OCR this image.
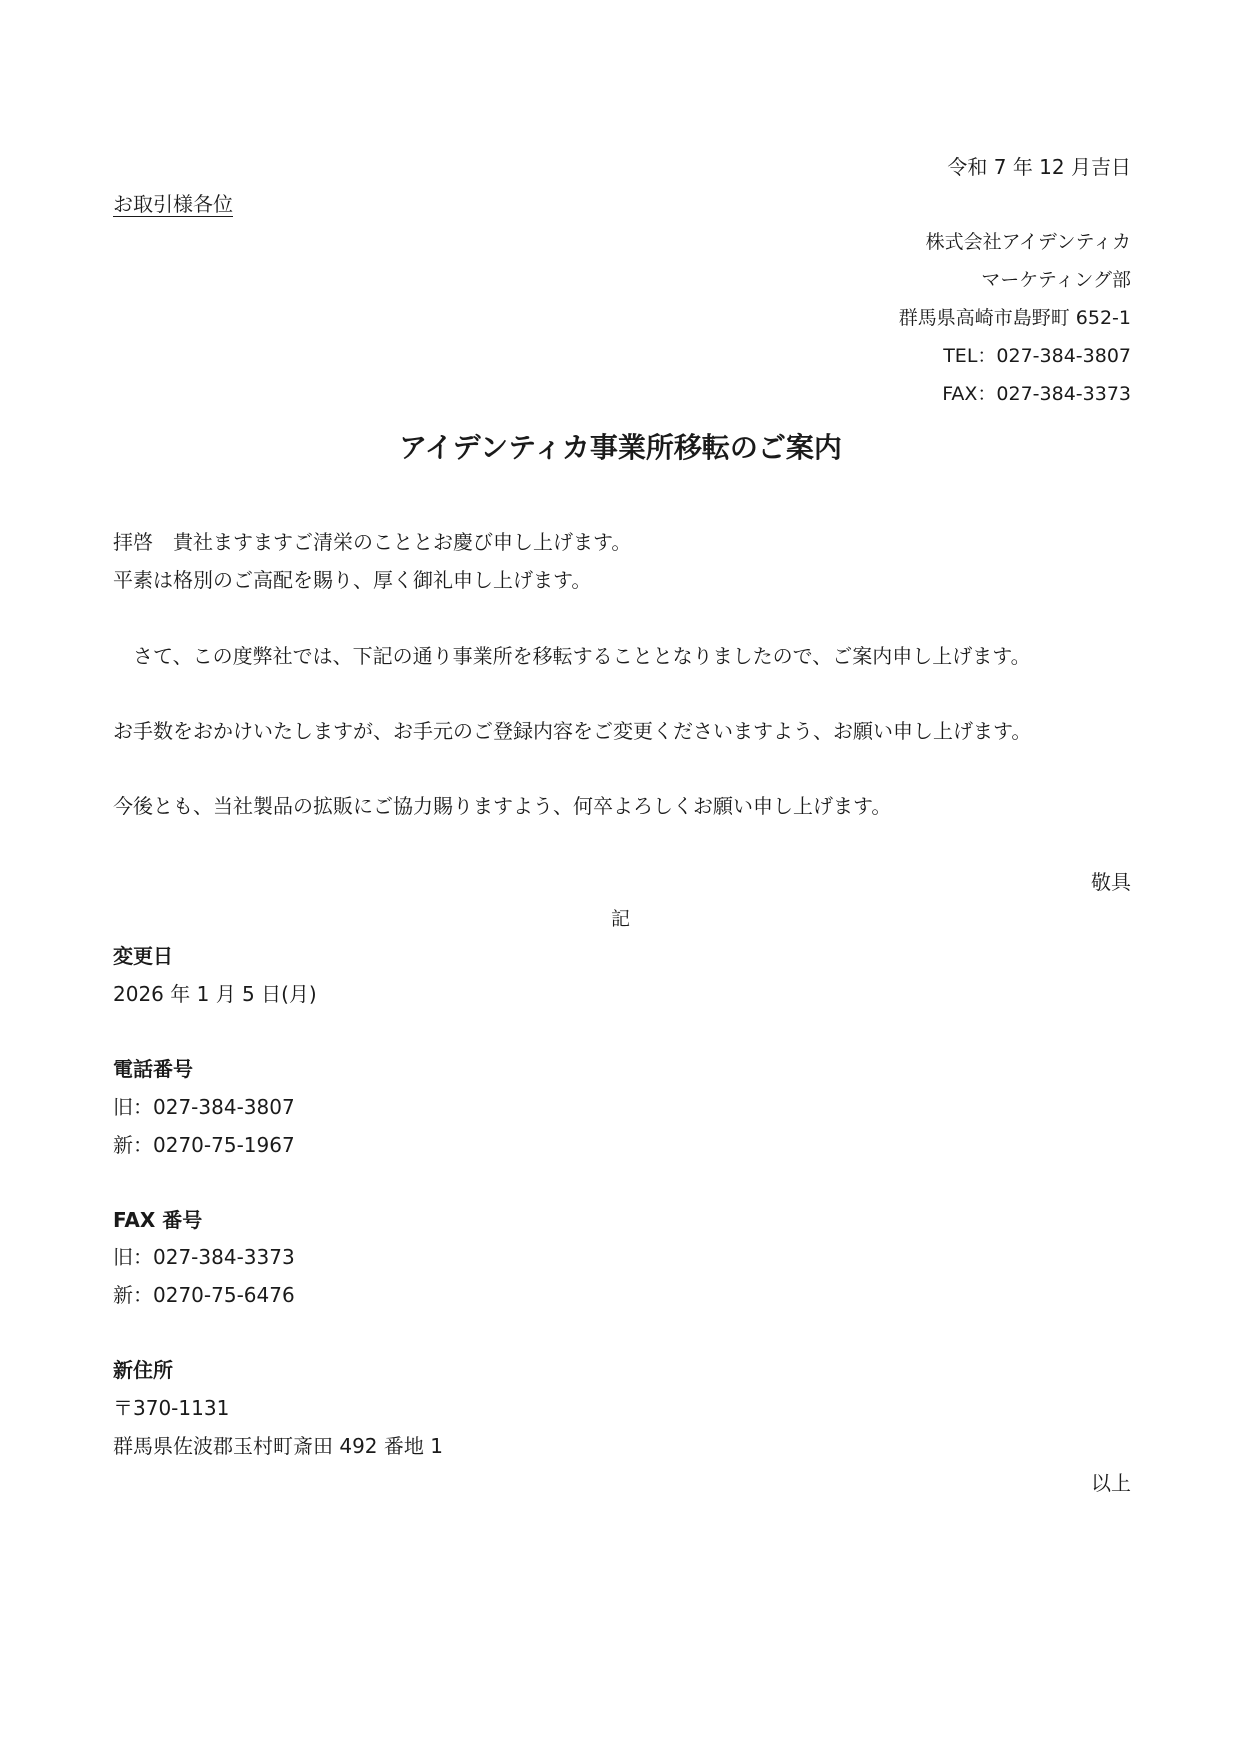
令和 7 年 12 月吉日
お取引様各位
株式会社アイデンティカ
マーケティング部
群馬県高崎市島野町 652-1
TEL：027-384-3807
FAX：027-384-3373
アイデンティカ事業所移転のご案内
拝啓　貴社ますますご清栄のこととお慶び申し上げます。
平素は格別のご高配を賜り、厚く御礼申し上げます。
　さて、この度弊社では、下記の通り事業所を移転することとなりましたので、ご案内申し上げます。
お手数をおかけいたしますが、お手元のご登録内容をご変更くださいますよう、お願い申し上げます。
今後とも、当社製品の拡販にご協力賜りますよう、何卒よろしくお願い申し上げます。
敬具
記
変更日
2026 年 1 月 5 日(月)
電話番号
旧：027-384-3807
新：0270-75-1967
FAX 番号
旧：027-384-3373
新：0270-75-6476
新住所
〒370-1131
群馬県佐波郡玉村町斎田 492 番地 1
以上
